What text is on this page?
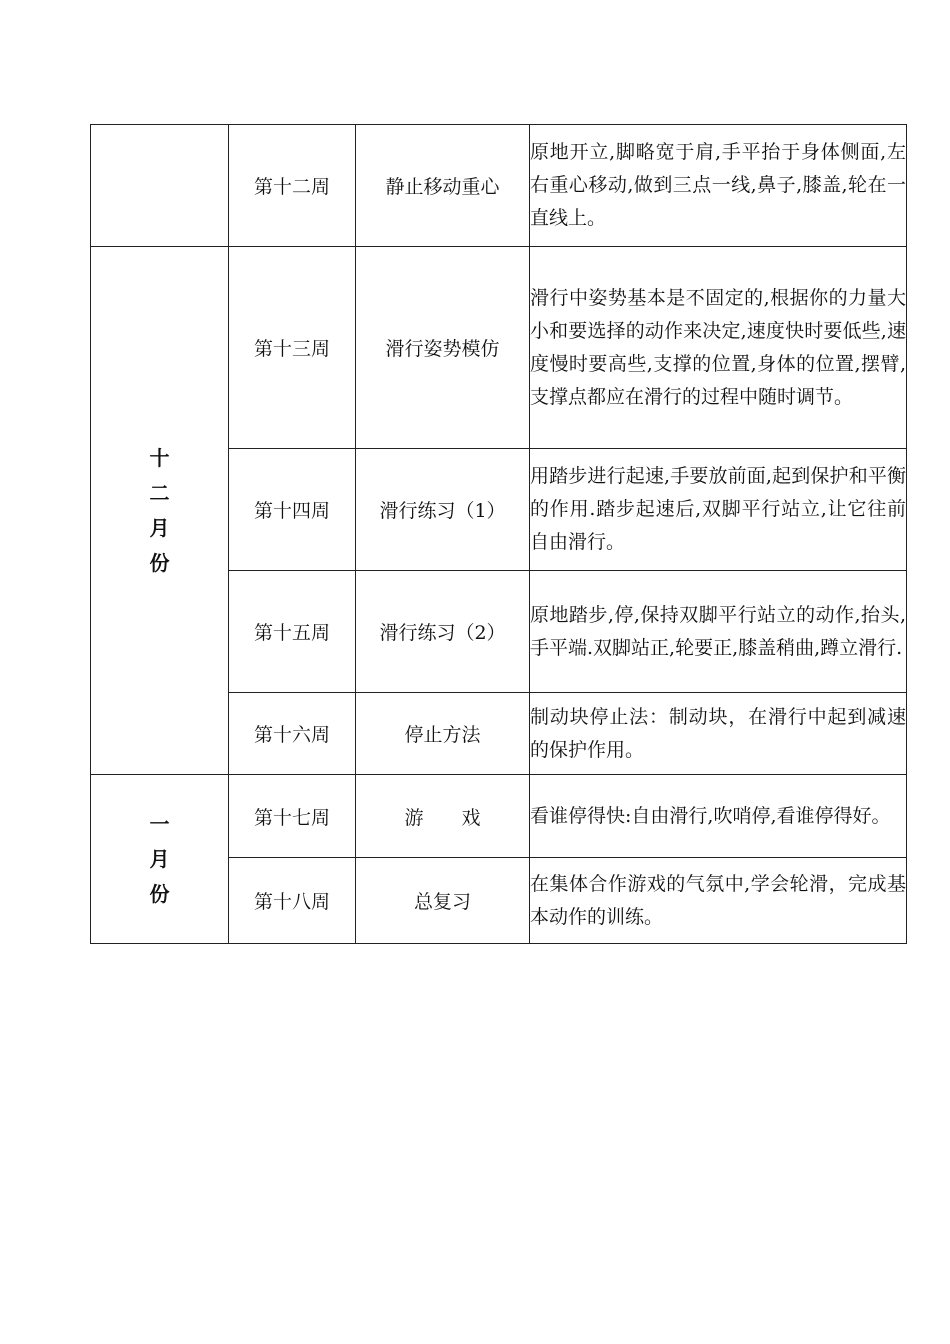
	第十二周	静止移动重心	原地开立,脚略宽于肩,手平抬于身体侧面,左右重心移动,做到三点一线,鼻子,膝盖,轮在一直线上。
十二月份	第十三周	滑行姿势模仿	滑行中姿势基本是不固定的,根据你的力量大小和要选择的动作来决定,速度快时要低些,速度慢时要高些,支撑的位置,身体的位置,摆臂,支撑点都应在滑行的过程中随时调节。
	第十四周	滑行练习（1）	用踏步进行起速,手要放前面,起到保护和平衡的作用.踏步起速后,双脚平行站立,让它往前自由滑行。
	第十五周	滑行练习（2）	原地踏步,停,保持双脚平行站立的动作,抬头,手平端.双脚站正,轮要正,膝盖稍曲,蹲立滑行.
	第十六周	停止方法	制动块停止法：制动块，在滑行中起到减速的保护作用。
一月份	第十七周	游　　戏	看谁停得快:自由滑行,吹哨停,看谁停得好。
	第十八周	总复习	在集体合作游戏的气氛中,学会轮滑，完成基本动作的训练。
